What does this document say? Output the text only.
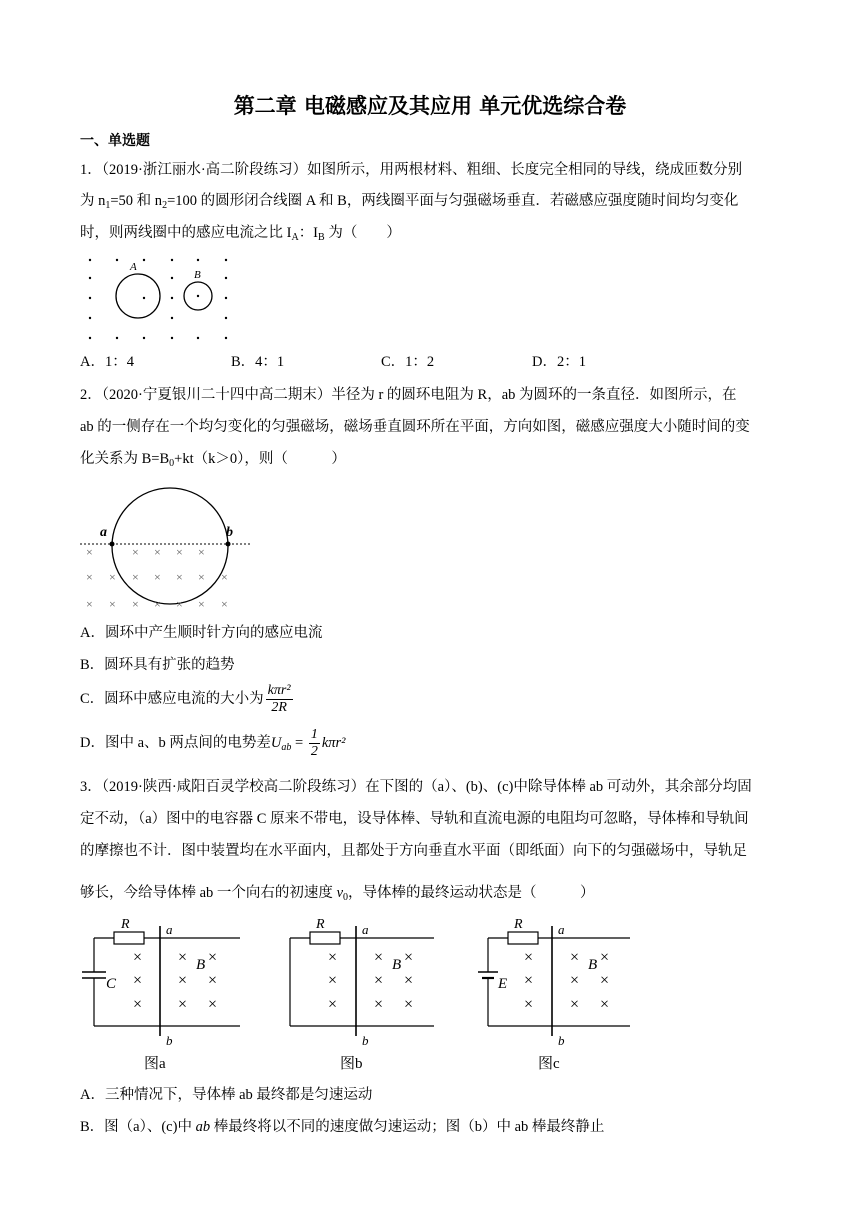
第二章 电磁感应及其应用 单元优选综合卷
一、单选题
1．（2019·浙江丽水·高二阶段练习）如图所示，用两根材料、粗细、长度完全相同的导线，绕成匝数分别
为 $n_1=50$ 和 $n_2=100$ 的圆形闭合线圈 A 和 B，两线圈平面与匀强磁场垂直．若磁感应强度随时间均匀变化
时，则两线圈中的感应电流之比 $I_A$：$I_B$ 为（　　）
A
B
A．1：4	B．4：1	C．1：2	D．2：1
2．（2020·宁夏银川二十四中高二期末）半径为 r 的圆环电阻为 R，ab 为圆环的一条直径．如图所示，在
ab 的一侧存在一个均匀变化的匀强磁场，磁场垂直圆环所在平面，方向如图，磁感应强度大小随时间的变
化关系为 $B=B_0+kt(k>0)$，则（　　　）
a	b
×	× × × ×
× × × × × × ×
× × × × × × ×
A．圆环中产生顺时针方向的感应电流
B．圆环具有扩张的趋势
C．圆环中感应电流的大小为 $\frac{\text{kπr²}}{2R}$
D．图中 a、b 两点间的电势差$U_{ab} = \frac{1}{2} k\pi r^2$
3．（2019·陕西·咸阳百灵学校高二阶段练习）在下图的（a）、(b)、(c)中除导体棒 ab 可动外，其余部分均固
定不动，（a）图中的电容器 C 原来不带电，设导体棒、导轨和直流电源的电阻均可忽略，导体棒和导轨间
的摩擦也不计．图中装置均在水平面内，且都处于方向垂直水平面（即纸面）向下的匀强磁场中，导轨足
够长，今给导体棒 ab 一个向右的初速度 $v_0$，导体棒的最终运动状态是（　　　）
R	a
b
C
B
×
×
×
× ×
× ×
× ×
图a
R	a
b
B
×
×
×
× ×
× ×
× ×
图b
R	a
b
E
B
×
×
×
× ×
× ×
× ×
图c
A．三种情况下，导体棒 ab 最终都是匀速运动
B．图（a）、(c)中 ab 棒最终将以不同的速度做匀速运动；图（b）中 ab 棒最终静止
